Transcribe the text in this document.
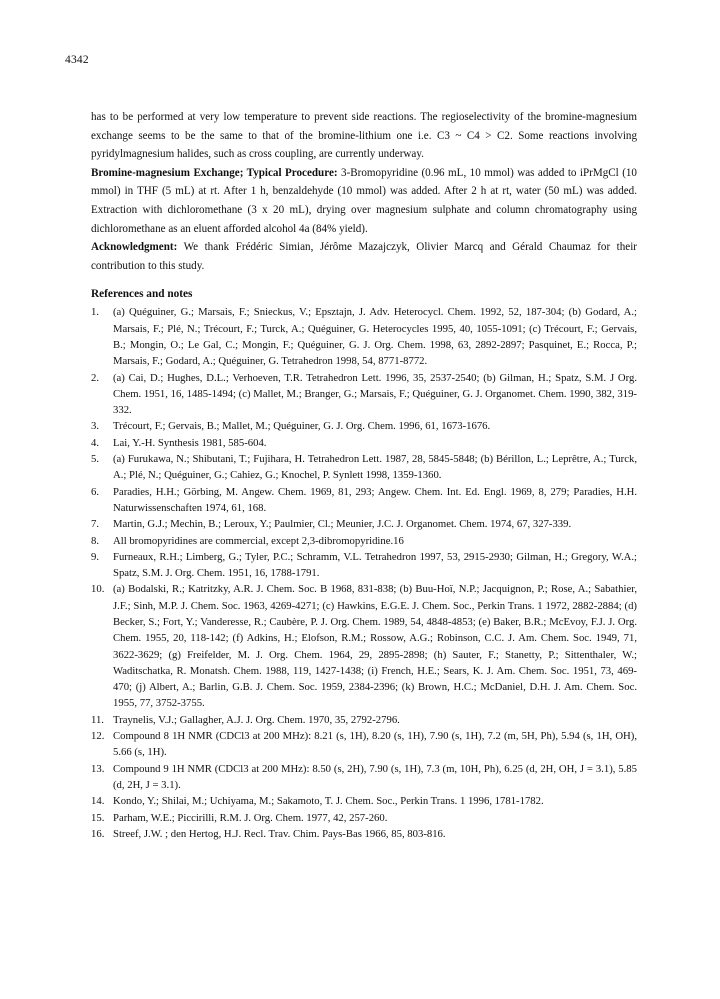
4342

has to be performed at very low temperature to prevent side reactions. The regioselectivity of the bromine-magnesium exchange seems to be the same to that of the bromine-lithium one i.e. C3 ~ C4 > C2. Some reactions involving pyridylmagnesium halides, such as cross coupling, are currently underway.

Bromine-magnesium Exchange; Typical Procedure: 3-Bromopyridine (0.96 mL, 10 mmol) was added to iPrMgCl (10 mmol) in THF (5 mL) at rt. After 1 h, benzaldehyde (10 mmol) was added. After 2 h at rt, water (50 mL) was added. Extraction with dichloromethane (3 x 20 mL), drying over magnesium sulphate and column chromatography using dichloromethane as an eluent afforded alcohol 4a (84% yield).

Acknowledgment: We thank Frédéric Simian, Jérôme Mazajczyk, Olivier Marcq and Gérald Chaumaz for their contribution to this study.

References and notes
1.	(a) Quéguiner, G.; Marsais, F.; Snieckus, V.; Epsztajn, J. Adv. Heterocycl. Chem. 1992, 52, 187-304; (b) Godard, A.; Marsais, F.; Plé, N.; Trécourt, F.; Turck, A.; Quéguiner, G. Heterocycles 1995, 40, 1055-1091; (c) Trécourt, F.; Gervais, B.; Mongin, O.; Le Gal, C.; Mongin, F.; Quéguiner, G. J. Org. Chem. 1998, 63, 2892-2897; Pasquinet, E.; Rocca, P.; Marsais, F.; Godard, A.; Quéguiner, G. Tetrahedron 1998, 54, 8771-8772.
2.	(a) Cai, D.; Hughes, D.L.; Verhoeven, T.R. Tetrahedron Lett. 1996, 35, 2537-2540; (b) Gilman, H.; Spatz, S.M. J Org. Chem. 1951, 16, 1485-1494; (c) Mallet, M.; Branger, G.; Marsais, F.; Quéguiner, G. J. Organomet. Chem. 1990, 382, 319-332.
3.	Trécourt, F.; Gervais, B.; Mallet, M.; Quéguiner, G. J. Org. Chem. 1996, 61, 1673-1676.
4.	Lai, Y.-H. Synthesis 1981, 585-604.
5.	(a) Furukawa, N.; Shibutani, T.; Fujihara, H. Tetrahedron Lett. 1987, 28, 5845-5848; (b) Bérillon, L.; Leprêtre, A.; Turck, A.; Plé, N.; Quéguiner, G.; Cahiez, G.; Knochel, P. Synlett 1998, 1359-1360.
6.	Paradies, H.H.; Görbing, M. Angew. Chem. 1969, 81, 293; Angew. Chem. Int. Ed. Engl. 1969, 8, 279; Paradies, H.H. Naturwissenschaften 1974, 61, 168.
7.	Martin, G.J.; Mechin, B.; Leroux, Y.; Paulmier, Cl.; Meunier, J.C. J. Organomet. Chem. 1974, 67, 327-339.
8.	All bromopyridines are commercial, except 2,3-dibromopyridine.16
9.	Furneaux, R.H.; Limberg, G.; Tyler, P.C.; Schramm, V.L. Tetrahedron 1997, 53, 2915-2930; Gilman, H.; Gregory, W.A.; Spatz, S.M. J. Org. Chem. 1951, 16, 1788-1791.
10. (a) Bodalski, R.; Katritzky, A.R. J. Chem. Soc. B 1968, 831-838; (b) Buu-Hoï, N.P.; Jacquignon, P.; Rose, A.; Sabathier, J.F.; Sinh, M.P. J. Chem. Soc. 1963, 4269-4271; (c) Hawkins, E.G.E. J. Chem. Soc., Perkin Trans. 1 1972, 2882-2884; (d) Becker, S.; Fort, Y.; Vanderesse, R.; Caubère, P. J. Org. Chem. 1989, 54, 4848-4853; (e) Baker, B.R.; McEvoy, F.J. J. Org. Chem. 1955, 20, 118-142; (f) Adkins, H.; Elofson, R.M.; Rossow, A.G.; Robinson, C.C. J. Am. Chem. Soc. 1949, 71, 3622-3629; (g) Freifelder, M. J. Org. Chem. 1964, 29, 2895-2898; (h) Sauter, F.; Stanetty, P.; Sittenthaler, W.; Waditschatka, R. Monatsh. Chem. 1988, 119, 1427-1438; (i) French, H.E.; Sears, K. J. Am. Chem. Soc. 1951, 73, 469-470; (j) Albert, A.; Barlin, G.B. J. Chem. Soc. 1959, 2384-2396; (k) Brown, H.C.; McDaniel, D.H. J. Am. Chem. Soc. 1955, 77, 3752-3755.
11. Traynelis, V.J.; Gallagher, A.J. J. Org. Chem. 1970, 35, 2792-2796.
12. Compound 8 1H NMR (CDCl3 at 200 MHz): 8.21 (s, 1H), 8.20 (s, 1H), 7.90 (s, 1H), 7.2 (m, 5H, Ph), 5.94 (s, 1H, OH), 5.66 (s, 1H).
13. Compound 9 1H NMR (CDCl3 at 200 MHz): 8.50 (s, 2H), 7.90 (s, 1H), 7.3 (m, 10H, Ph), 6.25 (d, 2H, OH, J = 3.1), 5.85 (d, 2H, J = 3.1).
14. Kondo, Y.; Shilai, M.; Uchiyama, M.; Sakamoto, T. J. Chem. Soc., Perkin Trans. 1 1996, 1781-1782.
15. Parham, W.E.; Piccirilli, R.M. J. Org. Chem. 1977, 42, 257-260.
16. Streef, J.W. ; den Hertog, H.J. Recl. Trav. Chim. Pays-Bas 1966, 85, 803-816.
